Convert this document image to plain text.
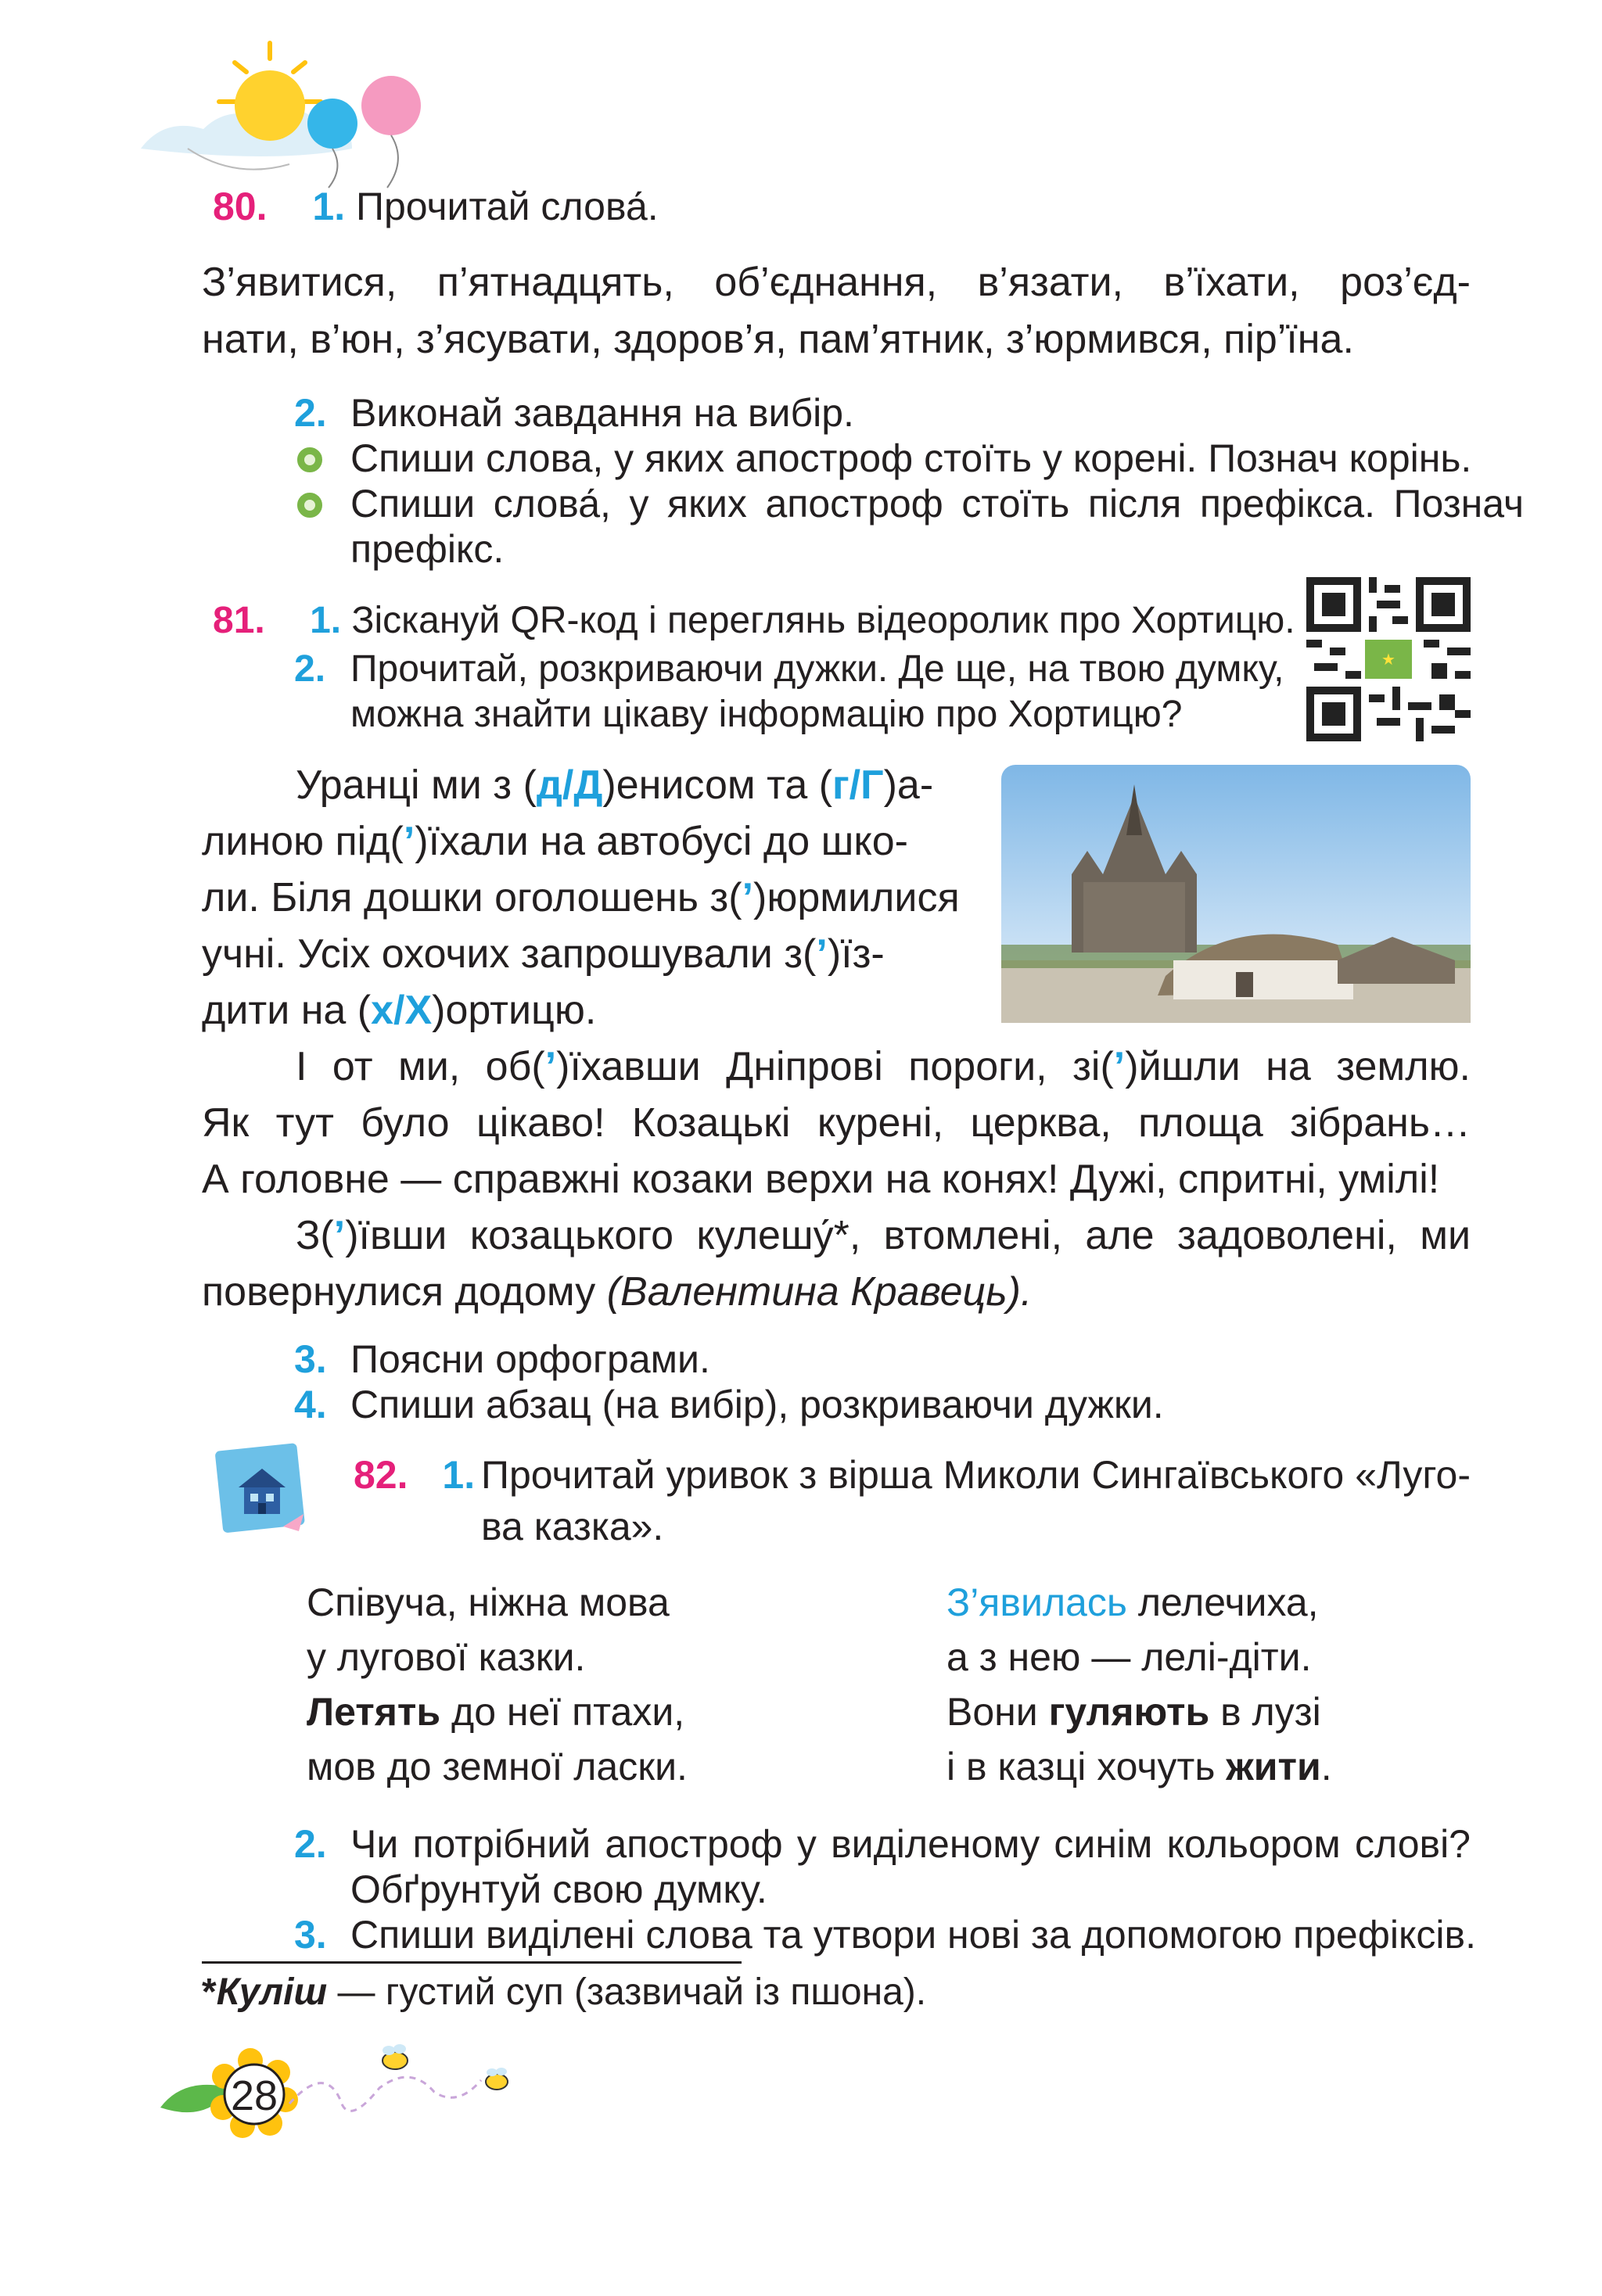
80. 1. Прочитай слова́.
З’явитися, п’ятнадцять, об’єднання, в’язати, в’їхати, роз’єд-
нати, в’юн, з’ясувати, здоров’я, пам’ятник, з’юрмився, пір’їна.
2. Виконай завдання на вибір.
Спиши слова, у яких апостроф стоїть у корені. Познач корінь.
Спиши слова́, у яких апостроф стоїть після префікса. Познач
префікс.
81. 1. Зіскануй QR-код і переглянь відеоролик про Хортицю.
2. Прочитай, розкриваючи дужки. Де ще, на твою думку,
можна знайти цікаву інформацію про Хортицю?
★
Уранці ми з (д/Д)енисом та (г/Г)а-
линою під(’)їхали на автобусі до шко-
ли. Біля дошки оголошень з(’)юрмилися
учні. Усіх охочих запрошували з(’)їз-
дити на (х/Х)ортицю.
І от ми, об(’)їхавши Дніпрові пороги, зі(’)йшли на землю.
Як тут було цікаво! Козацькі курені, церква, площа зібрань…
А головне — справжні козаки верхи на конях! Дужі, спритні, умілі!
З(’)ївши козацького кулешу́*, втомлені, але задоволені, ми
повернулися додому (Валентина Кравець).
3. Поясни орфограми.
4. Спиши абзац (на вибір), розкриваючи дужки.
82. 1. Прочитай уривок з вірша Миколи Сингаївського «Луго-
ва казка».
Співуча, ніжна мова
у лугової казки.
Летять до неї птахи,
мов до земної ласки.
З’явилась лелечиха,
а з нею — лелі-діти.
Вони гуляють в лузі
і в казці хочуть жити.
2. Чи потрібний апостроф у виділеному синім кольором слові?
Обґрунтуй свою думку.
3. Спиши виділені слова та утвори нові за допомогою префіксів.
*Куліш — густий суп (зазвичай із пшона).
28
